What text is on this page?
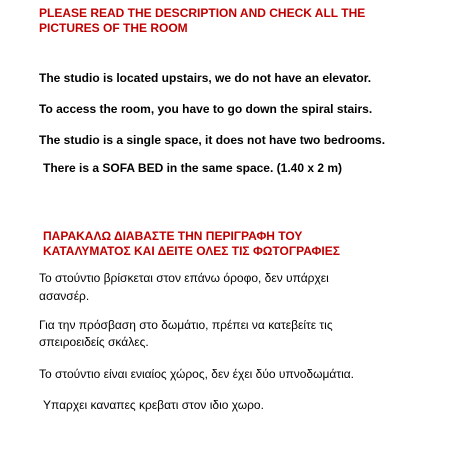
PLEASE READ THE DESCRIPTION AND CHECK ALL THE
PICTURES OF THE ROOM
The studio is located upstairs, we do not have an elevator.
To access the room, you have to go down the spiral stairs.
The studio is a single space, it does not have two bedrooms.
There is a SOFA BED in the same space. (1.40 x 2 m)
ΠΑΡΑΚΑΛΩ ΔΙΑΒΑΣΤΕ ΤΗΝ ΠΕΡΙΓΡΑΦΗ ΤΟΥ
ΚΑΤΑΛΥΜΑΤΟΣ ΚΑΙ ΔΕΙΤΕ ΟΛΕΣ ΤΙΣ ΦΩΤΟΓΡΑΦΙΕΣ
Το στούντιο βρίσκεται στον επάνω όροφο, δεν υπάρχει
ασανσέρ.
Για την πρόσβαση στο δωμάτιο, πρέπει να κατεβείτε τις
σπειροειδείς σκάλες.
Το στούντιο είναι ενιαίος χώρος, δεν έχει δύο υπνοδωμάτια.
Υπαρχει καναπες κρεβατι στον ιδιο χωρο.
